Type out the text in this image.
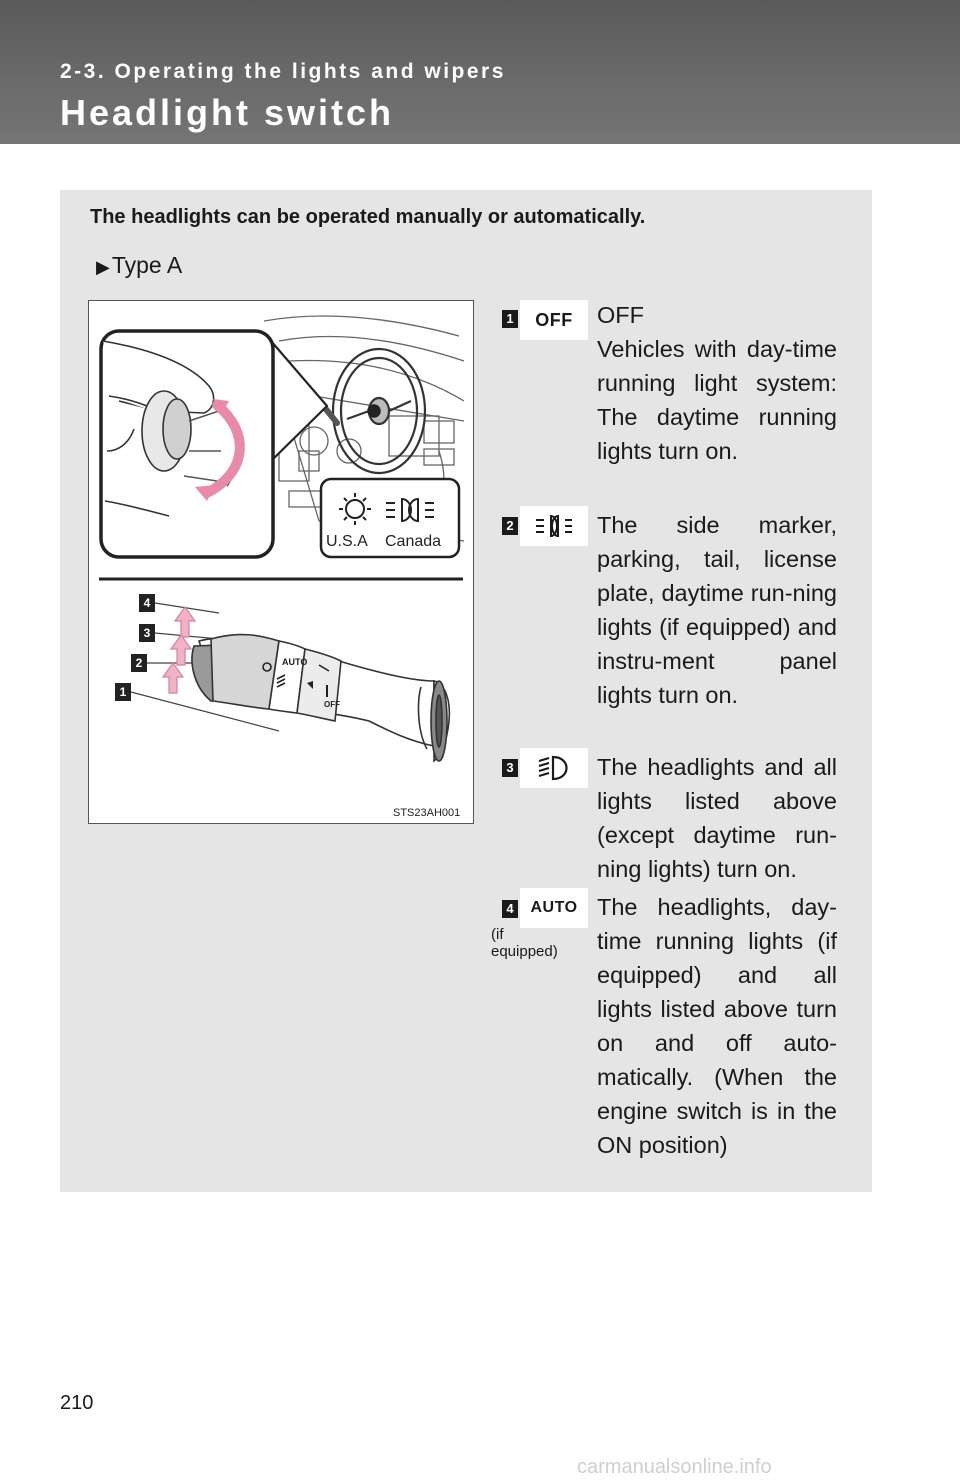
2-3. Operating the lights and wipers
Headlight switch
The headlights can be operated manually or automatically.
▶Type A
U.S.A Canada
4
3
2
1
AUTO
OFF
STS23AH001
1 OFF OFF
Vehicles with day-time running light system: The daytime running lights turn on.
2	The side marker, parking, tail, license plate, daytime run-ning lights (if equipped) and instru-ment panel lights turn on.
3	The headlights and all lights listed above (except daytime run-ning lights) turn on.
4 AUTO
(if equipped)
The headlights, day-time running lights (if equipped) and all lights listed above turn on and off auto-matically. (When the engine switch is in the ON position)
210
carmanualsonline.info
